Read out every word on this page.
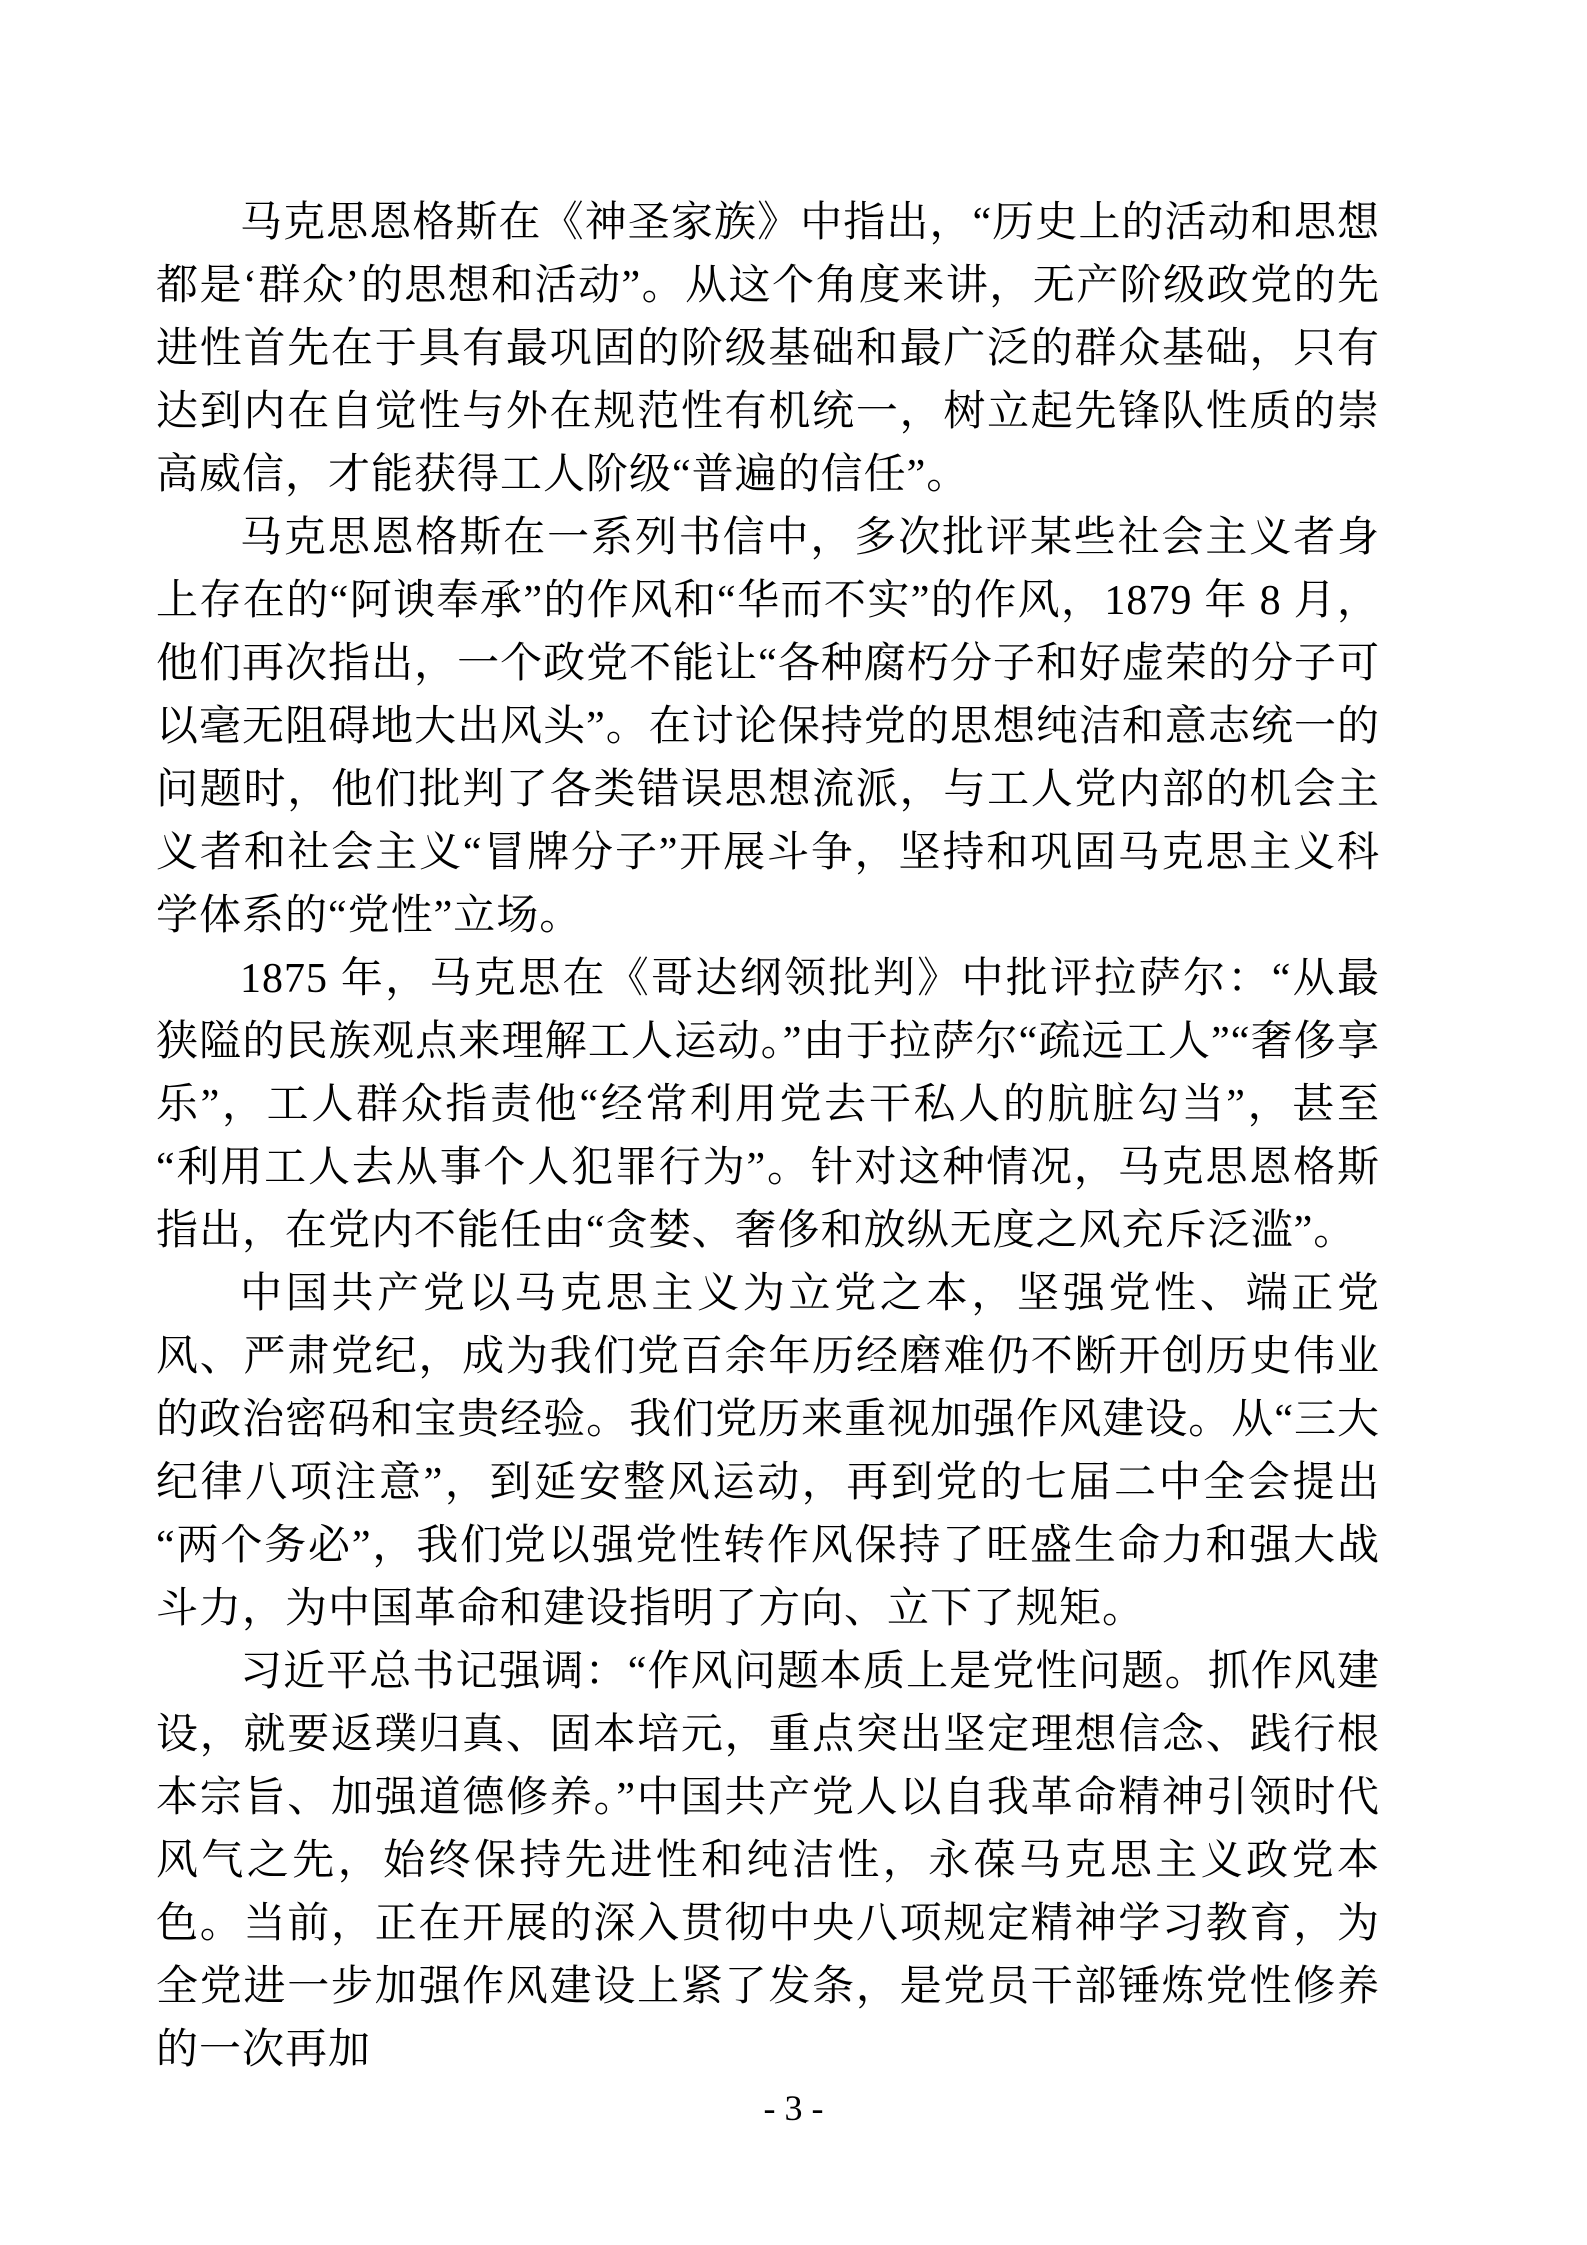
马克思恩格斯在《神圣家族》中指出，“历史上的活动和思想都是‘群众’的思想和活动”。从这个角度来讲，无产阶级政党的先进性首先在于具有最巩固的阶级基础和最广泛的群众基础，只有达到内在自觉性与外在规范性有机统一，树立起先锋队性质的崇高威信，才能获得工人阶级“普遍的信任”。

马克思恩格斯在一系列书信中，多次批评某些社会主义者身上存在的“阿谀奉承”的作风和“华而不实”的作风，1879 年 8 月，他们再次指出，一个政党不能让“各种腐朽分子和好虚荣的分子可以毫无阻碍地大出风头”。在讨论保持党的思想纯洁和意志统一的问题时，他们批判了各类错误思想流派，与工人党内部的机会主义者和社会主义“冒牌分子”开展斗争，坚持和巩固马克思主义科学体系的“党性”立场。

1875 年，马克思在《哥达纲领批判》中批评拉萨尔：“从最狭隘的民族观点来理解工人运动。”由于拉萨尔“疏远工人”“奢侈享乐”，工人群众指责他“经常利用党去干私人的肮脏勾当”，甚至“利用工人去从事个人犯罪行为”。针对这种情况，马克思恩格斯指出，在党内不能任由“贪婪、奢侈和放纵无度之风充斥泛滥”。

中国共产党以马克思主义为立党之本，坚强党性、端正党风、严肃党纪，成为我们党百余年历经磨难仍不断开创历史伟业的政治密码和宝贵经验。我们党历来重视加强作风建设。从“三大纪律八项注意”，到延安整风运动，再到党的七届二中全会提出“两个务必”，我们党以强党性转作风保持了旺盛生命力和强大战斗力，为中国革命和建设指明了方向、立下了规矩。

习近平总书记强调：“作风问题本质上是党性问题。抓作风建设，就要返璞归真、固本培元，重点突出坚定理想信念、践行根本宗旨、加强道德修养。”中国共产党人以自我革命精神引领时代风气之先，始终保持先进性和纯洁性，永葆马克思主义政党本色。当前，正在开展的深入贯彻中央八项规定精神学习教育，为全党进一步加强作风建设上紧了发条，是党员干部锤炼党性修养的一次再加

- 3 -
